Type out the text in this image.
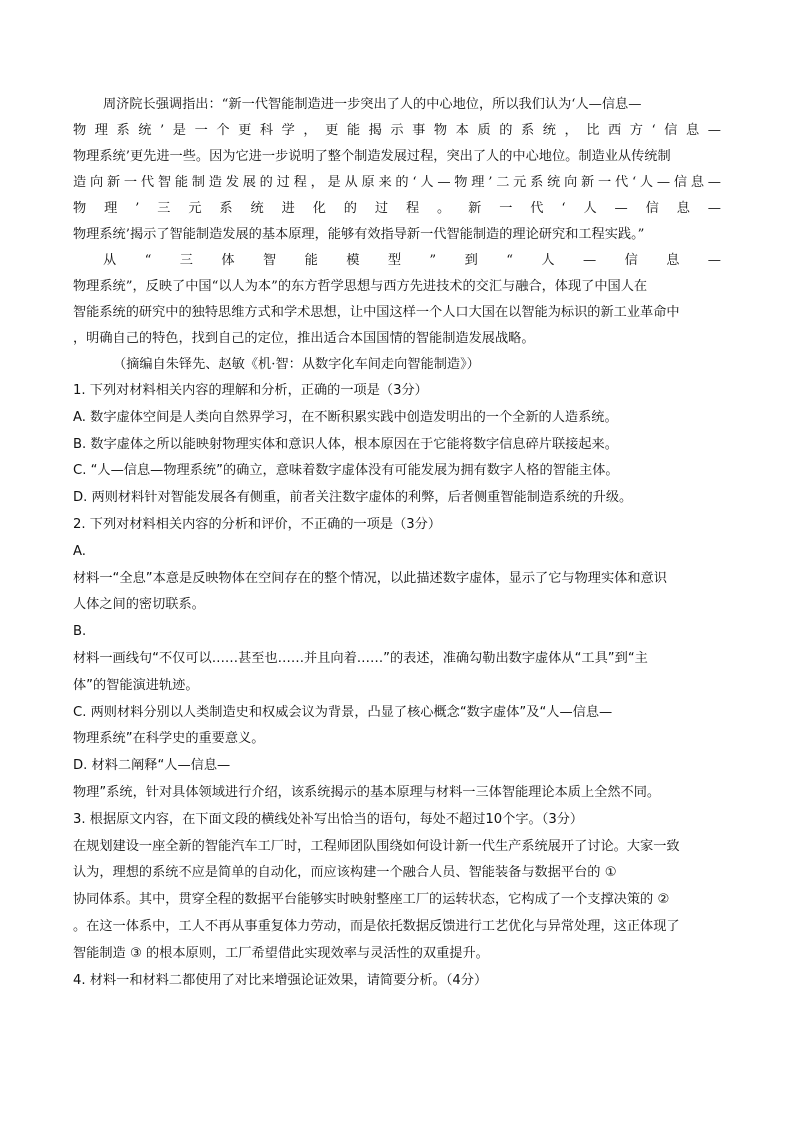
周济院长强调指出：“新一代智能制造进一步突出了人的中心地位，所以我们认为‘人—信息—
物理系统’是一个更科学，更能揭示事物本质的系统，比西方‘信息—
物理系统’更先进一些。因为它进一步说明了整个制造发展过程，突出了人的中心地位。制造业从传统制
造向新一代智能制造发展的过程，是从原来的‘人—物理’二元系统向新一代‘人—信息—
物理’三元系统进化的过程。新一代‘人—信息—
物理系统’揭示了智能制造发展的基本原理，能够有效指导新一代智能制造的理论研究和工程实践。”
从“三体智能模型”到“人—信息—
物理系统”，反映了中国“以人为本”的东方哲学思想与西方先进技术的交汇与融合，体现了中国人在
智能系统的研究中的独特思维方式和学术思想，让中国这样一个人口大国在以智能为标识的新工业革命中
，明确自己的特色，找到自己的定位，推出适合本国国情的智能制造发展战略。
（摘编自朱铎先、赵敏《机·智：从数字化车间走向智能制造》）
1. 下列对材料相关内容的理解和分析，正确的一项是（3分）
A. 数字虚体空间是人类向自然界学习，在不断积累实践中创造发明出的一个全新的人造系统。
B. 数字虚体之所以能映射物理实体和意识人体，根本原因在于它能将数字信息碎片联接起来。
C. “人—信息—物理系统”的确立，意味着数字虚体没有可能发展为拥有数字人格的智能主体。
D. 两则材料针对智能发展各有侧重，前者关注数字虚体的利弊，后者侧重智能制造系统的升级。
2. 下列对材料相关内容的分析和评价，不正确的一项是（3分）
A.
材料一“全息”本意是反映物体在空间存在的整个情况，以此描述数字虚体，显示了它与物理实体和意识
人体之间的密切联系。
B.
材料一画线句“不仅可以……甚至也……并且向着……”的表述，准确勾勒出数字虚体从“工具”到“主
体”的智能演进轨迹。
C. 两则材料分别以人类制造史和权威会议为背景，凸显了核心概念“数字虚体”及“人—信息—
物理系统”在科学史的重要意义。
D. 材料二阐释“人—信息—
物理”系统，针对具体领域进行介绍，该系统揭示的基本原理与材料一三体智能理论本质上全然不同。
3. 根据原文内容，在下面文段的横线处补写出恰当的语句，每处不超过10个字。（3分）
在规划建设一座全新的智能汽车工厂时，工程师团队围绕如何设计新一代生产系统展开了讨论。大家一致
认为，理想的系统不应是简单的自动化，而应该构建一个融合人员、智能装备与数据平台的 ①
协同体系。其中，贯穿全程的数据平台能够实时映射整座工厂的运转状态，它构成了一个支撑决策的 ②
。在这一体系中，工人不再从事重复体力劳动，而是依托数据反馈进行工艺优化与异常处理，这正体现了
智能制造 ③ 的根本原则，工厂希望借此实现效率与灵活性的双重提升。
4. 材料一和材料二都使用了对比来增强论证效果，请简要分析。（4分）
